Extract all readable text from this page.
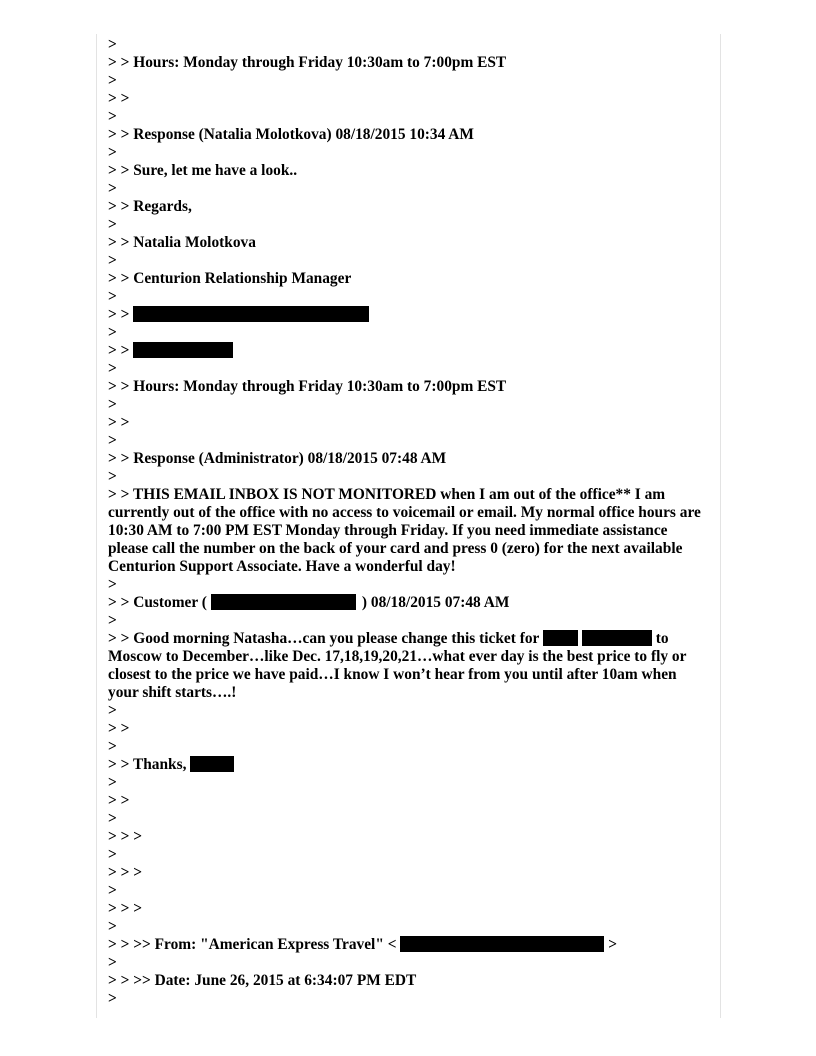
>

> > Hours: Monday through Friday 10:30am to 7:00pm EST

>

> >

>

> > Response (Natalia Molotkova) 08/18/2015 10:34 AM

>

> > Sure, let me have a look..

>

> > Regards,

>

> > Natalia Molotkova

>

> > Centurion Relationship Manager

>

> >

>

> >

>

> > Hours: Monday through Friday 10:30am to 7:00pm EST

>

> >

>

> > Response (Administrator) 08/18/2015 07:48 AM

>

> > THIS EMAIL INBOX IS NOT MONITORED when I am out of the office** I am currently out of the office with no access to voicemail or email. My normal office hours are 10:30 AM to 7:00 PM EST Monday through Friday. If you need immediate assistance please call the number on the back of your card and press 0 (zero) for the next available Centurion Support Associate. Have a wonderful day!

>

> > Customer (	) 08/18/2015 07:48 AM

>

> > Good morning Natasha…can you please change this ticket for	to Moscow to December…like Dec. 17,18,19,20,21…what ever day is the best price to fly or closest to the price we have paid…I know I won’t hear from you until after 10am when your shift starts….!

>

> >

>

> > Thanks,

>

> >

>

> > >

>

> > >

>

> > >

>

> > >> From: "American Express Travel" <	>

>

> > >> Date: June 26, 2015 at 6:34:07 PM EDT

>
